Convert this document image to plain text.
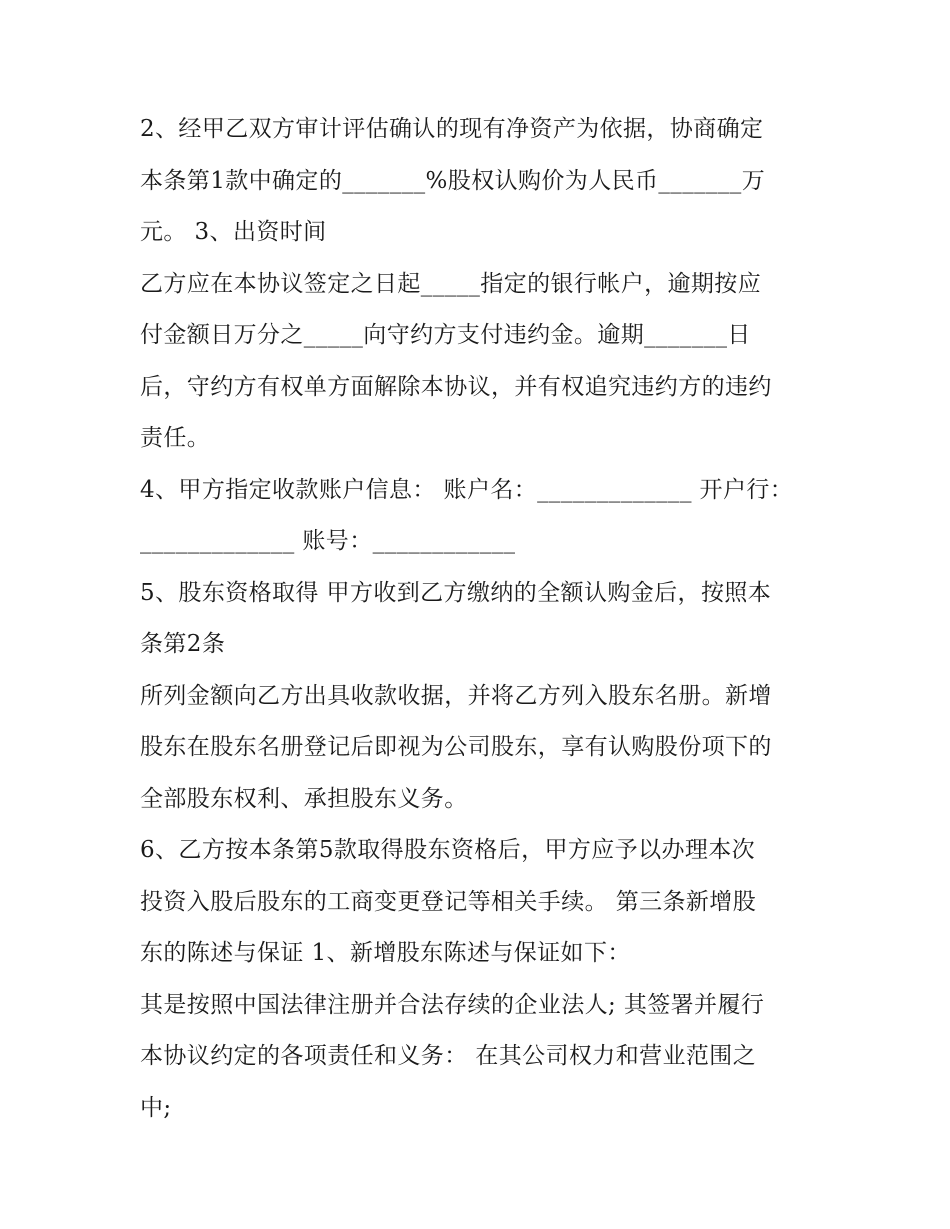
2、经甲乙双方审计评估确认的现有净资产为依据，协商确定
本条第1款中确定的_______%股权认购价为人民币_______万
元。 3、出资时间
乙方应在本协议签定之日起_____指定的银行帐户，逾期按应
付金额日万分之_____向守约方支付违约金。逾期_______日
后，守约方有权单方面解除本协议，并有权追究违约方的违约
责任。
4、甲方指定收款账户信息： 账户名：_____________ 开户行：
_____________ 账号：____________
5、股东资格取得 甲方收到乙方缴纳的全额认购金后，按照本
条第2条
所列金额向乙方出具收款收据，并将乙方列入股东名册。新增
股东在股东名册登记后即视为公司股东，享有认购股份项下的
全部股东权利、承担股东义务。
6、乙方按本条第5款取得股东资格后，甲方应予以办理本次
投资入股后股东的工商变更登记等相关手续。 第三条新增股
东的陈述与保证 1、新增股东陈述与保证如下：
其是按照中国法律注册并合法存续的企业法人; 其签署并履行
本协议约定的各项责任和义务： 在其公司权力和营业范围之
中;
